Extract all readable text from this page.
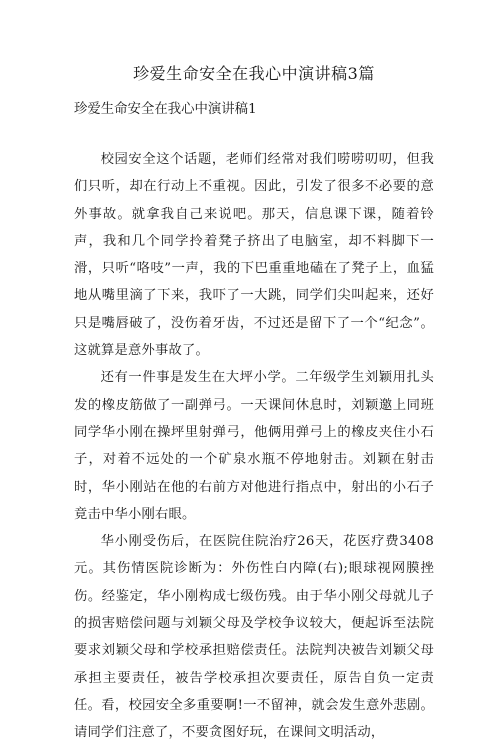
珍爱生命安全在我心中演讲稿3篇
珍爱生命安全在我心中演讲稿1

校园安全这个话题，老师们经常对我们唠唠叨叨，但我们只听，却在行动上不重视。因此，引发了很多不必要的意外事故。就拿我自己来说吧。那天，信息课下课，随着铃声，我和几个同学拎着凳子挤出了电脑室，却不料脚下一滑，只听“咯吱”一声，我的下巴重重地磕在了凳子上，血猛地从嘴里滴了下来，我吓了一大跳，同学们尖叫起来，还好只是嘴唇破了，没伤着牙齿，不过还是留下了一个“纪念”。这就算是意外事故了。

还有一件事是发生在大坪小学。二年级学生刘颖用扎头发的橡皮筋做了一副弹弓。一天课间休息时，刘颖邀上同班同学华小刚在操坪里射弹弓，他俩用弹弓上的橡皮夹住小石子，对着不远处的一个矿泉水瓶不停地射击。刘颖在射击时，华小刚站在他的右前方对他进行指点中，射出的小石子竟击中华小刚右眼。

华小刚受伤后，在医院住院治疗26天，花医疗费3408元。其伤情医院诊断为：外伤性白内障(右);眼球视网膜挫伤。经鉴定，华小刚构成七级伤残。由于华小刚父母就儿子的损害赔偿问题与刘颖父母及学校争议较大，便起诉至法院要求刘颖父母和学校承担赔偿责任。法院判决被告刘颖父母承担主要责任，被告学校承担次要责任，原告自负一定责任。看，校园安全多重要啊!一不留神，就会发生意外悲剧。请同学们注意了，不要贪图好玩，在课间文明活动，
